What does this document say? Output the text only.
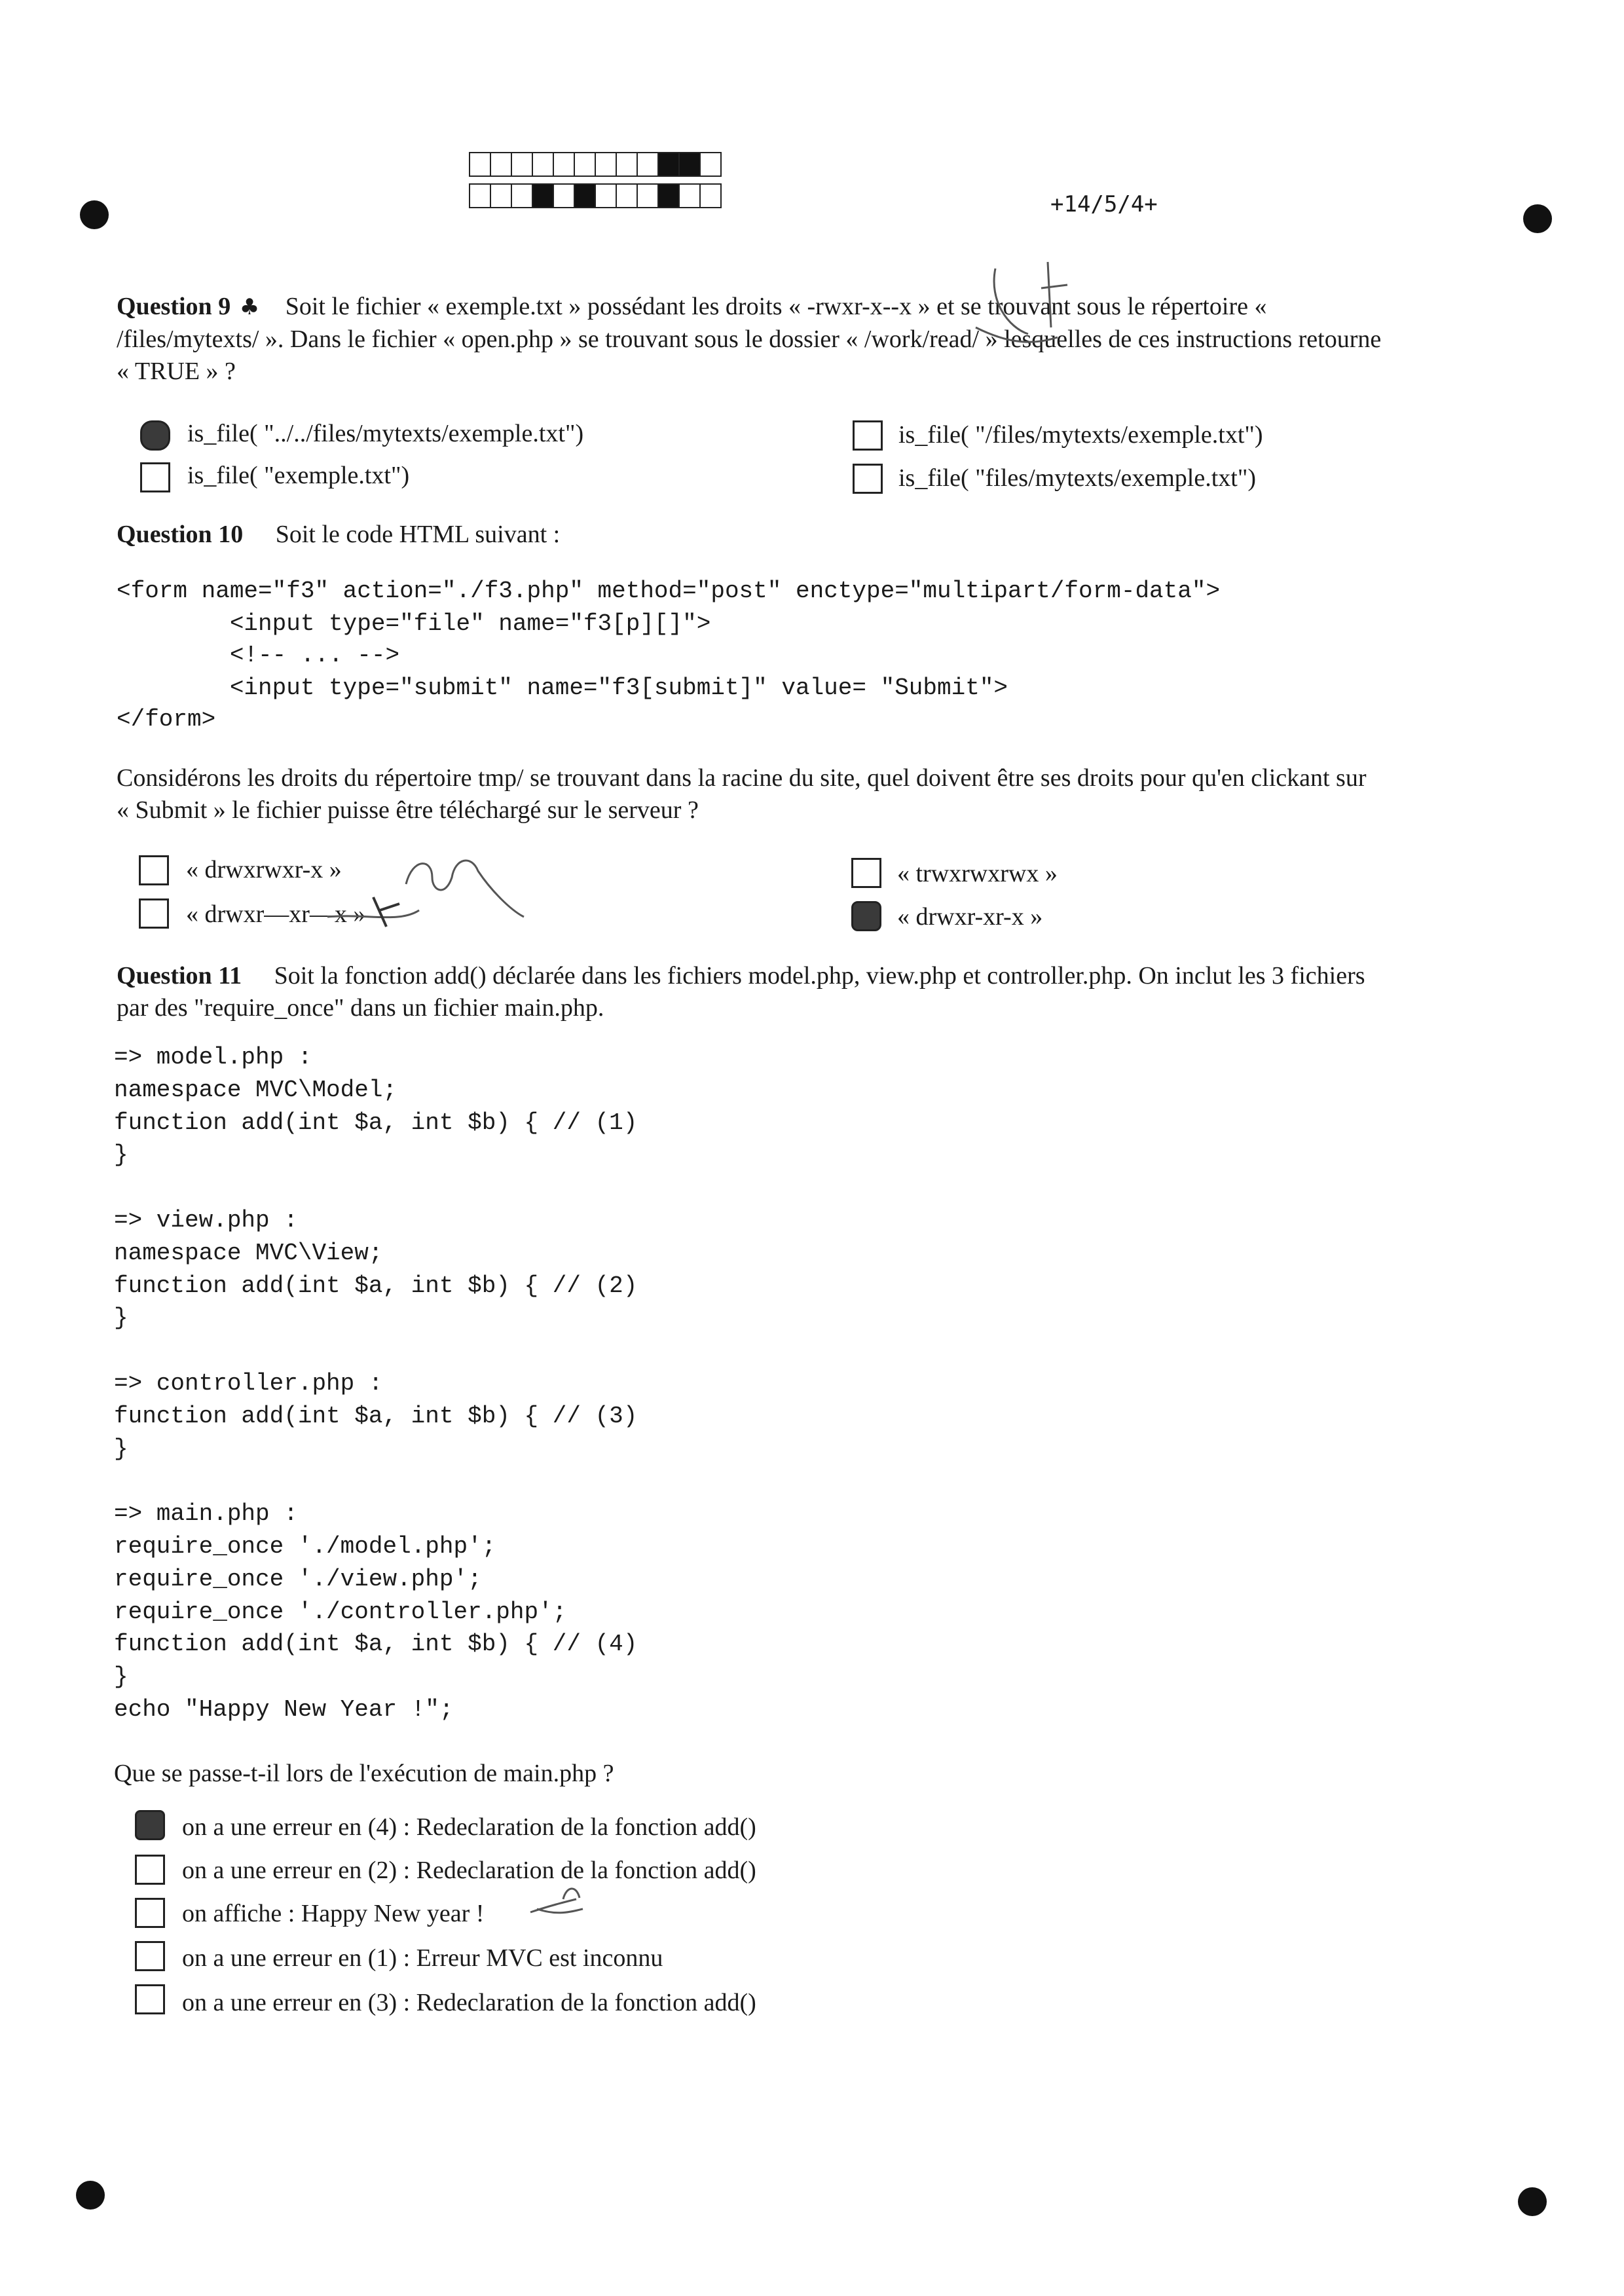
+14/5/4+
Question 9 ♣ Soit le fichier « exemple.txt » possédant les droits « -rwxr-x--x » et se trouvant sous le répertoire «
/files/mytexts/ ». Dans le fichier « open.php » se trouvant sous le dossier « /work/read/ » lesquelles de ces instructions retourne
« TRUE » ?
is_file( "../../files/mytexts/exemple.txt")	is_file( "/files/mytexts/exemple.txt")
is_file( "exemple.txt")	is_file( "files/mytexts/exemple.txt")
Question 10 Soit le code HTML suivant :
<form name="f3" action="./f3.php" method="post" enctype="multipart/form-data">
<input type="file" name="f3[p][]">
<!-- ... -->
<input type="submit" name="f3[submit]" value= "Submit">
</form>
Considérons les droits du répertoire tmp/ se trouvant dans la racine du site, quel doivent être ses droits pour qu'en clickant sur
« Submit » le fichier puisse être téléchargé sur le serveur ?
« drwxrwxr-x »	« trwxrwxrwx »
« drwxr—xr—x »	« drwxr-xr-x »
Question 11 Soit la fonction add() déclarée dans les fichiers model.php, view.php et controller.php. On inclut les 3 fichiers
par des "require_once" dans un fichier main.php.
=> model.php :
namespace MVC\Model;
function add(int $a, int $b) { // (1)
}
=> view.php :
namespace MVC\View;
function add(int $a, int $b) { // (2)
}
=> controller.php :
function add(int $a, int $b) { // (3)
}
=> main.php :
require_once './model.php';
require_once './view.php';
require_once './controller.php';
function add(int $a, int $b) { // (4)
}
echo "Happy New Year !";
Que se passe-t-il lors de l'exécution de main.php ?
on a une erreur en (4) : Redeclaration de la fonction add()
on a une erreur en (2) : Redeclaration de la fonction add()
on affiche : Happy New year !
on a une erreur en (1) : Erreur MVC est inconnu
on a une erreur en (3) : Redeclaration de la fonction add()
